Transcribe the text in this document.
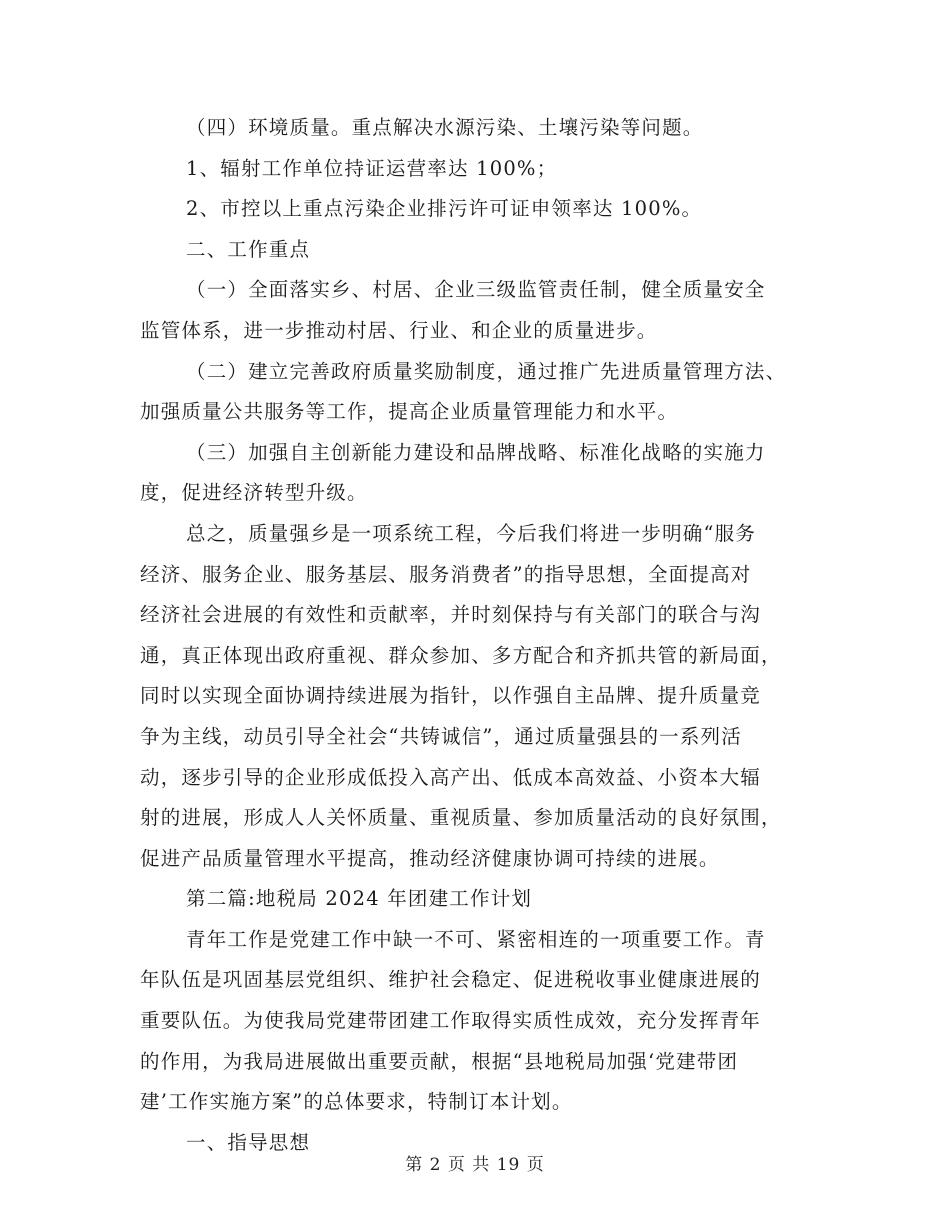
（四）环境质量。重点解决水源污染、土壤污染等问题。

1、辐射工作单位持证运营率达 100%；

2、市控以上重点污染企业排污许可证申领率达 100%。

二、工作重点

（一）全面落实乡、村居、企业三级监管责任制，健全质量安全

监管体系，进一步推动村居、行业、和企业的质量进步。

（二）建立完善政府质量奖励制度，通过推广先进质量管理方法、

加强质量公共服务等工作，提高企业质量管理能力和水平。

（三）加强自主创新能力建设和品牌战略、标准化战略的实施力

度，促进经济转型升级。

总之，质量强乡是一项系统工程，今后我们将进一步明确“服务

经济、服务企业、服务基层、服务消费者”的指导思想，全面提高对

经济社会进展的有效性和贡献率，并时刻保持与有关部门的联合与沟

通，真正体现出政府重视、群众参加、多方配合和齐抓共管的新局面，

同时以实现全面协调持续进展为指针，以作强自主品牌、提升质量竞

争为主线，动员引导全社会“共铸诚信”，通过质量强县的一系列活

动，逐步引导的企业形成低投入高产出、低成本高效益、小资本大辐

射的进展，形成人人关怀质量、重视质量、参加质量活动的良好氛围，

促进产品质量管理水平提高，推动经济健康协调可持续的进展。

第二篇:地税局 2024 年团建工作计划

青年工作是党建工作中缺一不可、紧密相连的一项重要工作。青

年队伍是巩固基层党组织、维护社会稳定、促进税收事业健康进展的

重要队伍。为使我局党建带团建工作取得实质性成效，充分发挥青年

的作用，为我局进展做出重要贡献，根据“县地税局加强‘党建带团

建’工作实施方案”的总体要求，特制订本计划。

一、指导思想

第 2 页 共 19 页
